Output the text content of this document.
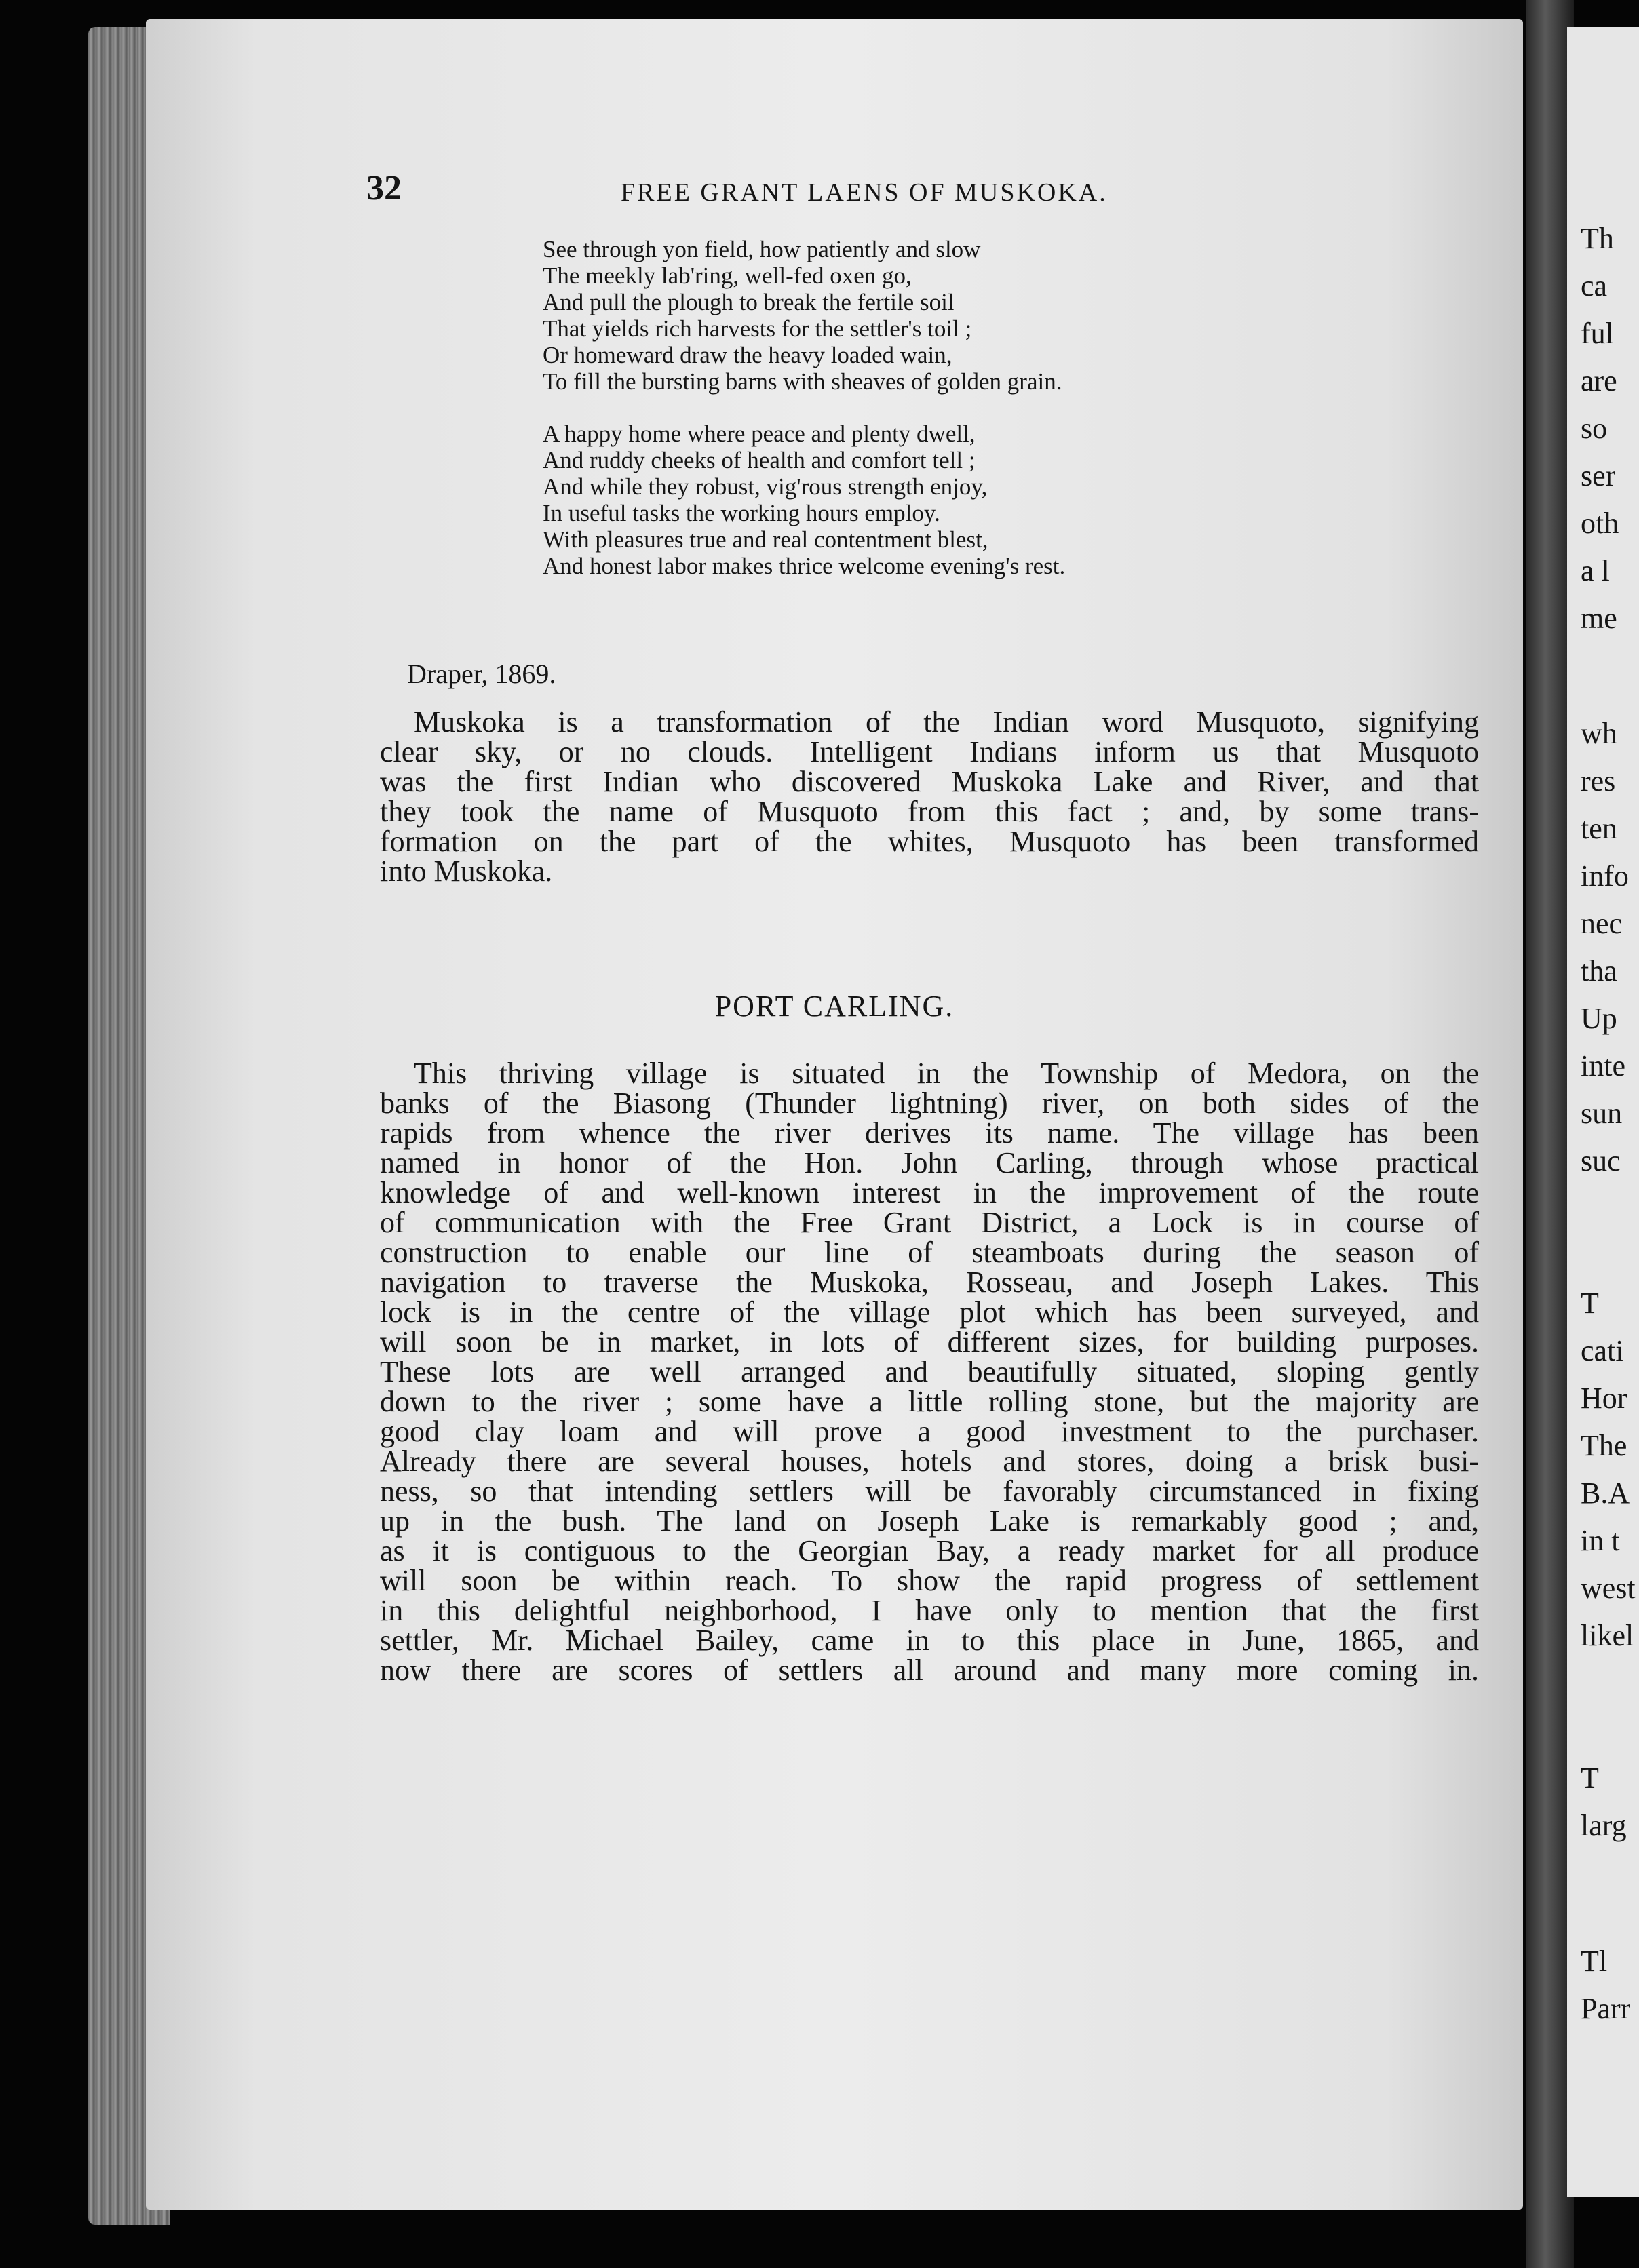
32	FREE GRANT LAENS OF MUSKOKA.
See through yon field, how patiently and slow
The meekly lab'ring, well-fed oxen go,
And pull the plough to break the fertile soil
That yields rich harvests for the settler's toil ;
Or homeward draw the heavy loaded wain,
To fill the bursting barns with sheaves of golden grain.
A happy home where peace and plenty dwell,
And ruddy cheeks of health and comfort tell ;
And while they robust, vig'rous strength enjoy,
In useful tasks the working hours employ.
With pleasures true and real contentment blest,
And honest labor makes thrice welcome evening's rest.
Draper, 1869.
Muskoka is a transformation of the Indian word Musquoto, signifying
clear sky, or no clouds. Intelligent Indians inform us that Musquoto
was the first Indian who discovered Muskoka Lake and River, and that
they took the name of Musquoto from this fact ; and, by some trans-
formation on the part of the whites, Musquoto has been transformed
into Muskoka.
PORT CARLING.
This thriving village is situated in the Township of Medora, on the
banks of the Biasong (Thunder lightning) river, on both sides of the
rapids from whence the river derives its name. The village has been
named in honor of the Hon. John Carling, through whose practical
knowledge of and well-known interest in the improvement of the route
of communication with the Free Grant District, a Lock is in course of
construction to enable our line of steamboats during the season of
navigation to traverse the Muskoka, Rosseau, and Joseph Lakes. This
lock is in the centre of the village plot which has been surveyed, and
will soon be in market, in lots of different sizes, for building purposes.
These lots are well arranged and beautifully situated, sloping gently
down to the river ; some have a little rolling stone, but the majority are
good clay loam and will prove a good investment to the purchaser.
Already there are several houses, hotels and stores, doing a brisk busi-
ness, so that intending settlers will be favorably circumstanced in fixing
up in the bush. The land on Joseph Lake is remarkably good ; and,
as it is contiguous to the Georgian Bay, a ready market for all produce
will soon be within reach. To show the rapid progress of settlement
in this delightful neighborhood, I have only to mention that the first
settler, Mr. Michael Bailey, came in to this place in June, 1865, and
now there are scores of settlers all around and many more coming in.
Th
ca
ful
are
so
ser
oth
a l
me
wh
res
ten
info
nec
tha
Up
inte
sun
suc
T
cati
Hor
The
B.A
in t
west
likel
T
larg
Tl
Parr
